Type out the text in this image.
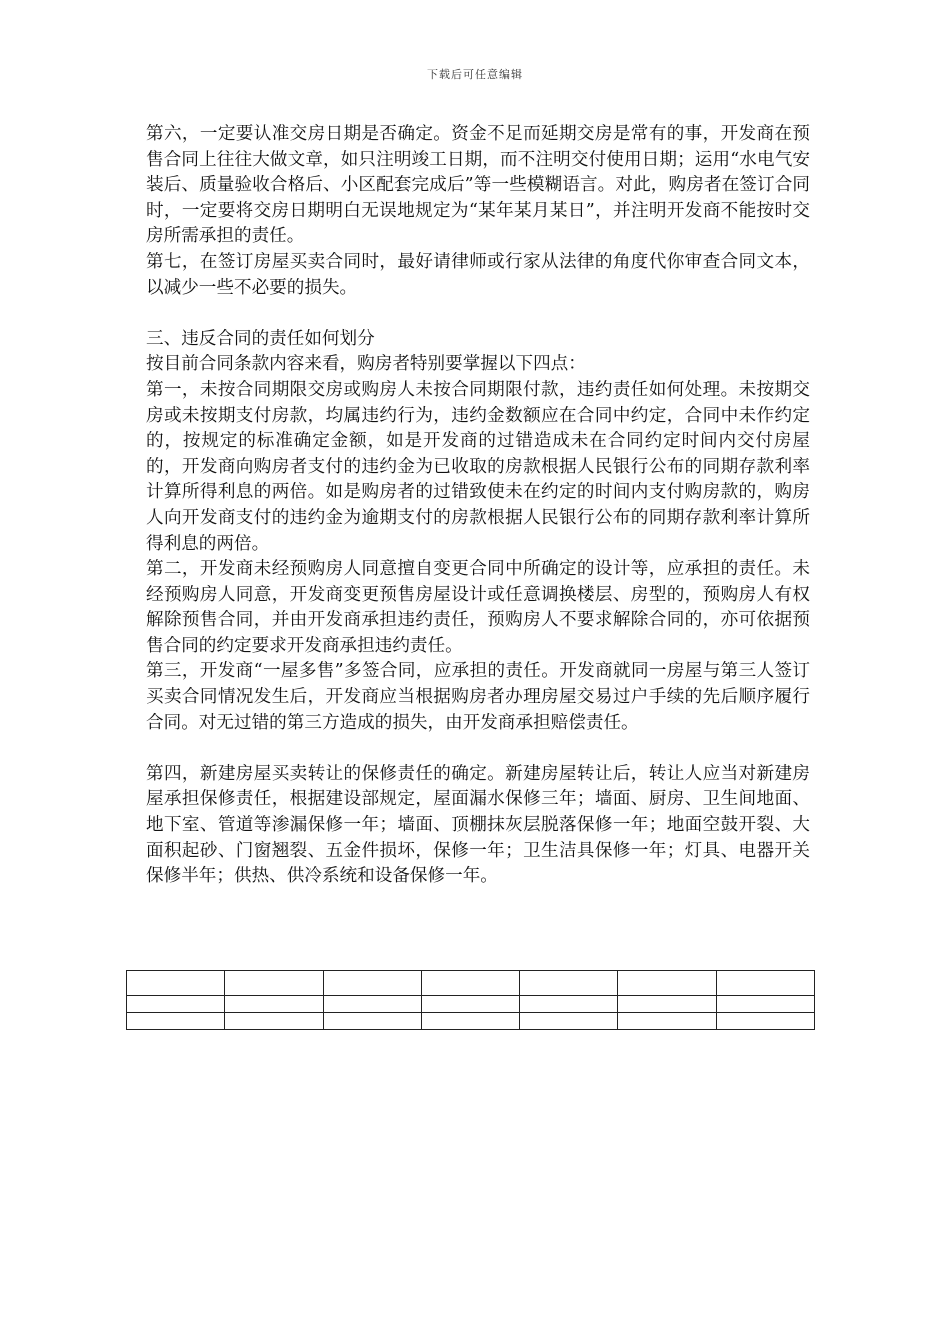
下载后可任意编辑

第六，一定要认准交房日期是否确定。资金不足而延期交房是常有的事，开发商在预售合同上往往大做文章，如只注明竣工日期，而不注明交付使用日期；运用“水电气安装后、质量验收合格后、小区配套完成后”等一些模糊语言。对此，购房者在签订合同时，一定要将交房日期明白无误地规定为“某年某月某日”，并注明开发商不能按时交房所需承担的责任。

第七，在签订房屋买卖合同时，最好请律师或行家从法律的角度代你审查合同文本，以减少一些不必要的损失。

三、违反合同的责任如何划分

按目前合同条款内容来看，购房者特别要掌握以下四点：

第一，未按合同期限交房或购房人未按合同期限付款，违约责任如何处理。未按期交房或未按期支付房款，均属违约行为，违约金数额应在合同中约定，合同中未作约定的，按规定的标准确定金额，如是开发商的过错造成未在合同约定时间内交付房屋的，开发商向购房者支付的违约金为已收取的房款根据人民银行公布的同期存款利率计算所得利息的两倍。如是购房者的过错致使未在约定的时间内支付购房款的，购房人向开发商支付的违约金为逾期支付的房款根据人民银行公布的同期存款利率计算所得利息的两倍。

第二，开发商未经预购房人同意擅自变更合同中所确定的设计等，应承担的责任。未经预购房人同意，开发商变更预售房屋设计或任意调换楼层、房型的，预购房人有权解除预售合同，并由开发商承担违约责任，预购房人不要求解除合同的，亦可依据预售合同的约定要求开发商承担违约责任。

第三，开发商“一屋多售”多签合同，应承担的责任。开发商就同一房屋与第三人签订买卖合同情况发生后，开发商应当根据购房者办理房屋交易过户手续的先后顺序履行合同。对无过错的第三方造成的损失，由开发商承担赔偿责任。

第四，新建房屋买卖转让的保修责任的确定。新建房屋转让后，转让人应当对新建房屋承担保修责任，根据建设部规定，屋面漏水保修三年；墙面、厨房、卫生间地面、地下室、管道等渗漏保修一年；墙面、顶棚抹灰层脱落保修一年；地面空鼓开裂、大面积起砂、门窗翘裂、五金件损坏，保修一年；卫生洁具保修一年；灯具、电器开关保修半年；供热、供冷系统和设备保修一年。
